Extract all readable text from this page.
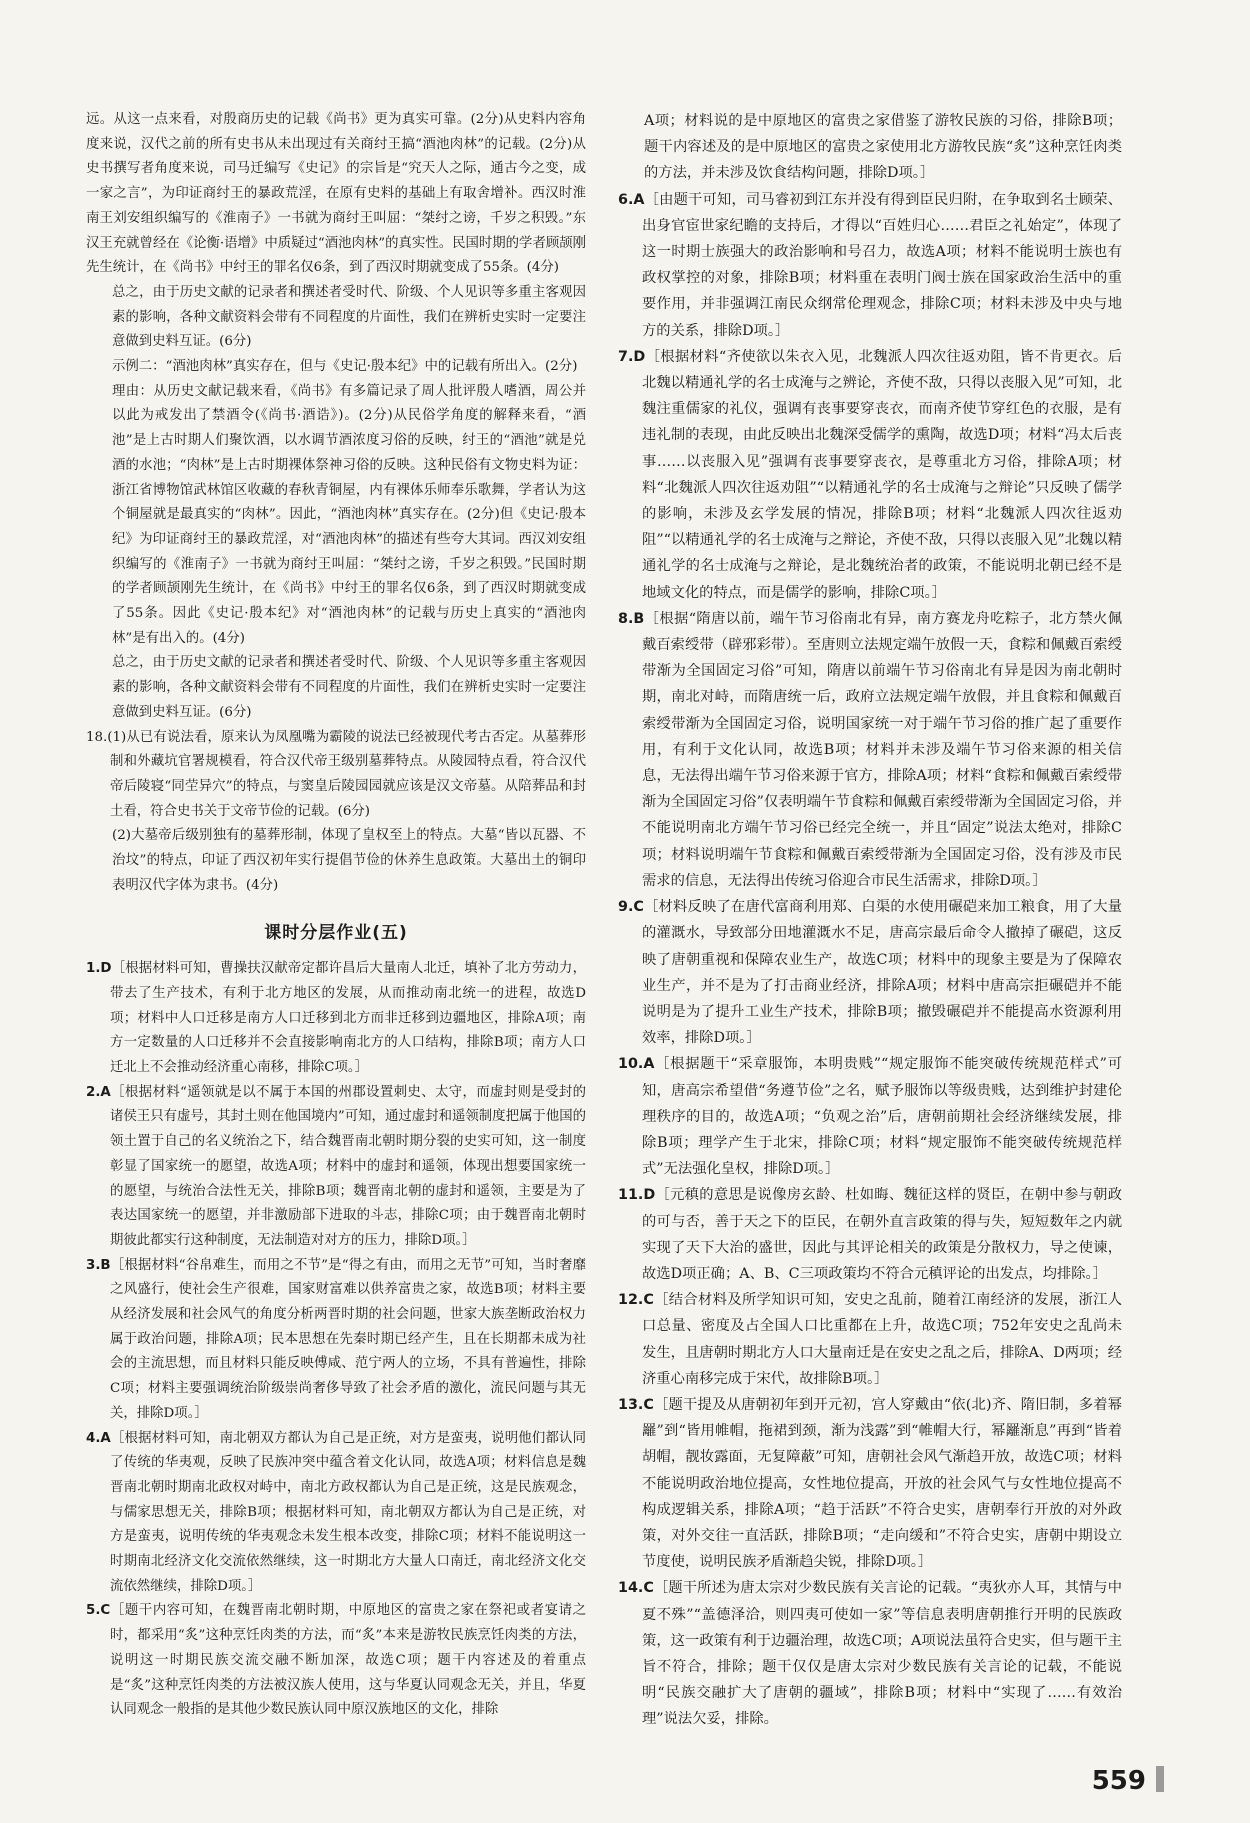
远。从这一点来看，对殷商历史的记载《尚书》更为真实可靠。(2分)从史料内容角度来说，汉代之前的所有史书从未出现过有关商纣王搞“酒池肉林”的记载。(2分)从史书撰写者角度来说，司马迁编写《史记》的宗旨是“究天人之际，通古今之变，成一家之言”，为印证商纣王的暴政荒淫，在原有史料的基础上有取舍增补。西汉时淮南王刘安组织编写的《淮南子》一书就为商纣王叫屈：“桀纣之谤，千岁之积毁。”东汉王充就曾经在《论衡·语增》中质疑过“酒池肉林”的真实性。民国时期的学者顾颉刚先生统计，在《尚书》中纣王的罪名仅6条，到了西汉时期就变成了55条。(4分)

总之，由于历史文献的记录者和撰述者受时代、阶级、个人见识等多重主客观因素的影响，各种文献资料会带有不同程度的片面性，我们在辨析史实时一定要注意做到史料互证。(6分)

示例二：“酒池肉林”真实存在，但与《史记·殷本纪》中的记载有所出入。(2分)

理由：从历史文献记载来看，《尚书》有多篇记录了周人批评殷人嗜酒，周公并以此为戒发出了禁酒令(《尚书·酒诰》)。(2分)从民俗学角度的解释来看，“酒池”是上古时期人们聚饮酒，以水调节酒浓度习俗的反映，纣王的“酒池”就是兑酒的水池；“肉林”是上古时期裸体祭神习俗的反映。这种民俗有文物史料为证：浙江省博物馆武林馆区收藏的春秋青铜屋，内有裸体乐师奉乐歌舞，学者认为这个铜屋就是最真实的“肉林”。因此，“酒池肉林”真实存在。(2分)但《史记·殷本纪》为印证商纣王的暴政荒淫，对“酒池肉林”的描述有些夸大其词。西汉刘安组织编写的《淮南子》一书就为商纣王叫屈：“桀纣之谤，千岁之积毁。”民国时期的学者顾颉刚先生统计，在《尚书》中纣王的罪名仅6条，到了西汉时期就变成了55条。因此《史记·殷本纪》对“酒池肉林”的记载与历史上真实的“酒池肉林”是有出入的。(4分)

总之，由于历史文献的记录者和撰述者受时代、阶级、个人见识等多重主客观因素的影响，各种文献资料会带有不同程度的片面性，我们在辨析史实时一定要注意做到史料互证。(6分)

18.(1)从已有说法看，原来认为凤凰嘴为霸陵的说法已经被现代考古否定。从墓葬形制和外藏坑官署规模看，符合汉代帝王级别墓葬特点。从陵园特点看，符合汉代帝后陵寝“同茔异穴”的特点，与窦皇后陵园园就应该是汉文帝墓。从陪葬品和封土看，符合史书关于文帝节俭的记载。(6分)

(2)大墓帝后级别独有的墓葬形制，体现了皇权至上的特点。大墓“皆以瓦器、不治坟”的特点，印证了西汉初年实行提倡节俭的休养生息政策。大墓出土的铜印表明汉代字体为隶书。(4分)

课时分层作业(五)

1.D［根据材料可知，曹操扶汉献帝定都许昌后大量南人北迁，填补了北方劳动力，带去了生产技术，有利于北方地区的发展，从而推动南北统一的进程，故选D项；材料中人口迁移是南方人口迁移到北方而非迁移到边疆地区，排除A项；南方一定数量的人口迁移并不会直接影响南北方的人口结构，排除B项；南方人口迁北上不会推动经济重心南移，排除C项。］

2.A［根据材料“遥领就是以不属于本国的州郡设置刺史、太守，而虚封则是受封的诸侯王只有虚号，其封土则在他国境内”可知，通过虚封和遥领制度把属于他国的领土置于自己的名义统治之下，结合魏晋南北朝时期分裂的史实可知，这一制度彰显了国家统一的愿望，故选A项；材料中的虚封和遥领，体现出想要国家统一的愿望，与统治合法性无关，排除B项；魏晋南北朝的虚封和遥领，主要是为了表达国家统一的愿望，并非激励部下进取的斗志，排除C项；由于魏晋南北朝时期彼此都实行这种制度，无法制造对对方的压力，排除D项。］

3.B［根据材料“谷帛难生，而用之不节”是“得之有由，而用之无节”可知，当时奢靡之风盛行，使社会生产很难，国家财富难以供养富贵之家，故选B项；材料主要从经济发展和社会风气的角度分析两晋时期的社会问题，世家大族垄断政治权力属于政治问题，排除A项；民本思想在先秦时期已经产生，且在长期都未成为社会的主流思想，而且材料只能反映傅咸、范宁两人的立场，不具有普遍性，排除C项；材料主要强调统治阶级崇尚奢侈导致了社会矛盾的激化，流民问题与其无关，排除D项。］

4.A［根据材料可知，南北朝双方都认为自己是正统，对方是蛮夷，说明他们都认同了传统的华夷观，反映了民族冲突中蕴含着文化认同，故选A项；材料信息是魏晋南北朝时期南北政权对峙中，南北方政权都认为自己是正统，这是民族观念，与儒家思想无关，排除B项；根据材料可知，南北朝双方都认为自己是正统，对方是蛮夷，说明传统的华夷观念未发生根本改变，排除C项；材料不能说明这一时期南北经济文化交流依然继续，这一时期北方大量人口南迁，南北经济文化交流依然继续，排除D项。］

5.C［题干内容可知，在魏晋南北朝时期，中原地区的富贵之家在祭祀或者宴请之时，都采用“炙”这种烹饪肉类的方法，而“炙”本来是游牧民族烹饪肉类的方法，说明这一时期民族交流交融不断加深，故选C项；题干内容述及的着重点是“炙”这种烹饪肉类的方法被汉族人使用，这与华夏认同观念无关，并且，华夏认同观念一般指的是其他少数民族认同中原汉族地区的文化，排除

A项；材料说的是中原地区的富贵之家借鉴了游牧民族的习俗，排除B项；题干内容述及的是中原地区的富贵之家使用北方游牧民族“炙”这种烹饪肉类的方法，并未涉及饮食结构问题，排除D项。］

6.A［由题干可知，司马睿初到江东并没有得到臣民归附，在争取到名士顾荣、出身官宦世家纪瞻的支持后，才得以“百姓归心……君臣之礼始定”，体现了这一时期士族强大的政治影响和号召力，故选A项；材料不能说明士族也有政权掌控的对象，排除B项；材料重在表明门阀士族在国家政治生活中的重要作用，并非强调江南民众纲常伦理观念，排除C项；材料未涉及中央与地方的关系，排除D项。］

7.D［根据材料“齐使欲以朱衣入见，北魏派人四次往返劝阻，皆不肯更衣。后北魏以精通礼学的名士成淹与之辨论，齐使不敌，只得以丧服入见”可知，北魏注重儒家的礼仪，强调有丧事要穿丧衣，而南齐使节穿红色的衣服，是有违礼制的表现，由此反映出北魏深受儒学的熏陶，故选D项；材料“冯太后丧事……以丧服入见”强调有丧事要穿丧衣，是尊重北方习俗，排除A项；材料“北魏派人四次往返劝阻”“以精通礼学的名士成淹与之辩论”只反映了儒学的影响，未涉及玄学发展的情况，排除B项；材料“北魏派人四次往返劝阻”“以精通礼学的名士成淹与之辩论，齐使不敌，只得以丧服入见”北魏以精通礼学的名士成淹与之辩论，是北魏统治者的政策，不能说明北朝已经不是地域文化的特点，而是儒学的影响，排除C项。］

8.B［根据“隋唐以前，端午节习俗南北有异，南方赛龙舟吃粽子，北方禁火佩戴百索绶带（辟邪彩带）。至唐则立法规定端午放假一天，食粽和佩戴百索绶带渐为全国固定习俗”可知，隋唐以前端午节习俗南北有异是因为南北朝时期，南北对峙，而隋唐统一后，政府立法规定端午放假，并且食粽和佩戴百索绶带渐为全国固定习俗，说明国家统一对于端午节习俗的推广起了重要作用，有利于文化认同，故选B项；材料并未涉及端午节习俗来源的相关信息，无法得出端午节习俗来源于官方，排除A项；材料“食粽和佩戴百索绶带渐为全国固定习俗”仅表明端午节食粽和佩戴百索绶带渐为全国固定习俗，并不能说明南北方端午节习俗已经完全统一，并且“固定”说法太绝对，排除C项；材料说明端午节食粽和佩戴百索绶带渐为全国固定习俗，没有涉及市民需求的信息，无法得出传统习俗迎合市民生活需求，排除D项。］

9.C［材料反映了在唐代富商利用郑、白渠的水使用碾硙来加工粮食，用了大量的灌溉水，导致部分田地灌溉水不足，唐高宗最后命令人撤掉了碾硙，这反映了唐朝重视和保障农业生产，故选C项；材料中的现象主要是为了保障农业生产，并不是为了打击商业经济，排除A项；材料中唐高宗拒碾硙并不能说明是为了提升工业生产技术，排除B项；撤毁碾硙并不能提高水资源利用效率，排除D项。］

10.A［根据题干“采章服饰，本明贵贱”“规定服饰不能突破传统规范样式”可知，唐高宗希望借“务遵节俭”之名，赋予服饰以等级贵贱，达到维护封建伦理秩序的目的，故选A项；“负观之治”后，唐朝前期社会经济继续发展，排除B项；理学产生于北宋，排除C项；材料“规定服饰不能突破传统规范样式”无法强化皇权，排除D项。］

11.D［元稹的意思是说像房玄龄、杜如晦、魏征这样的贤臣，在朝中参与朝政的可与否，善于天之下的臣民，在朝外直言政策的得与失，短短数年之内就实现了天下大治的盛世，因此与其评论相关的政策是分散权力，导之使谏，故选D项正确；A、B、C三项政策均不符合元稹评论的出发点，均排除。］

12.C［结合材料及所学知识可知，安史之乱前，随着江南经济的发展，浙江人口总量、密度及占全国人口比重都在上升，故选C项；752年安史之乱尚未发生，且唐朝时期北方人口大量南迁是在安史之乱之后，排除A、D两项；经济重心南移完成于宋代，故排除B项。］

13.C［题干提及从唐朝初年到开元初，宫人穿戴由“依(北)齐、隋旧制，多着幂䍦”到“皆用帷帽，拖裙到颈，渐为浅露”到“帷帽大行，幂䍦渐息”再到“皆着胡帽，靓妆露面，无复障蔽”可知，唐朝社会风气渐趋开放，故选C项；材料不能说明政治地位提高，女性地位提高，开放的社会风气与女性地位提高不构成逻辑关系，排除A项；“趋于活跃”不符合史实，唐朝奉行开放的对外政策，对外交往一直活跃，排除B项；“走向缓和”不符合史实，唐朝中期设立节度使，说明民族矛盾渐趋尖锐，排除D项。］

14.C［题干所述为唐太宗对少数民族有关言论的记载。“夷狄亦人耳，其情与中夏不殊”“盖德泽洽，则四夷可使如一家”等信息表明唐朝推行开明的民族政策，这一政策有利于边疆治理，故选C项；A项说法虽符合史实，但与题干主旨不符合，排除；题干仅仅是唐太宗对少数民族有关言论的记载，不能说明“民族交融扩大了唐朝的疆域”，排除B项；材料中“实现了……有效治理”说法欠妥，排除。

559
